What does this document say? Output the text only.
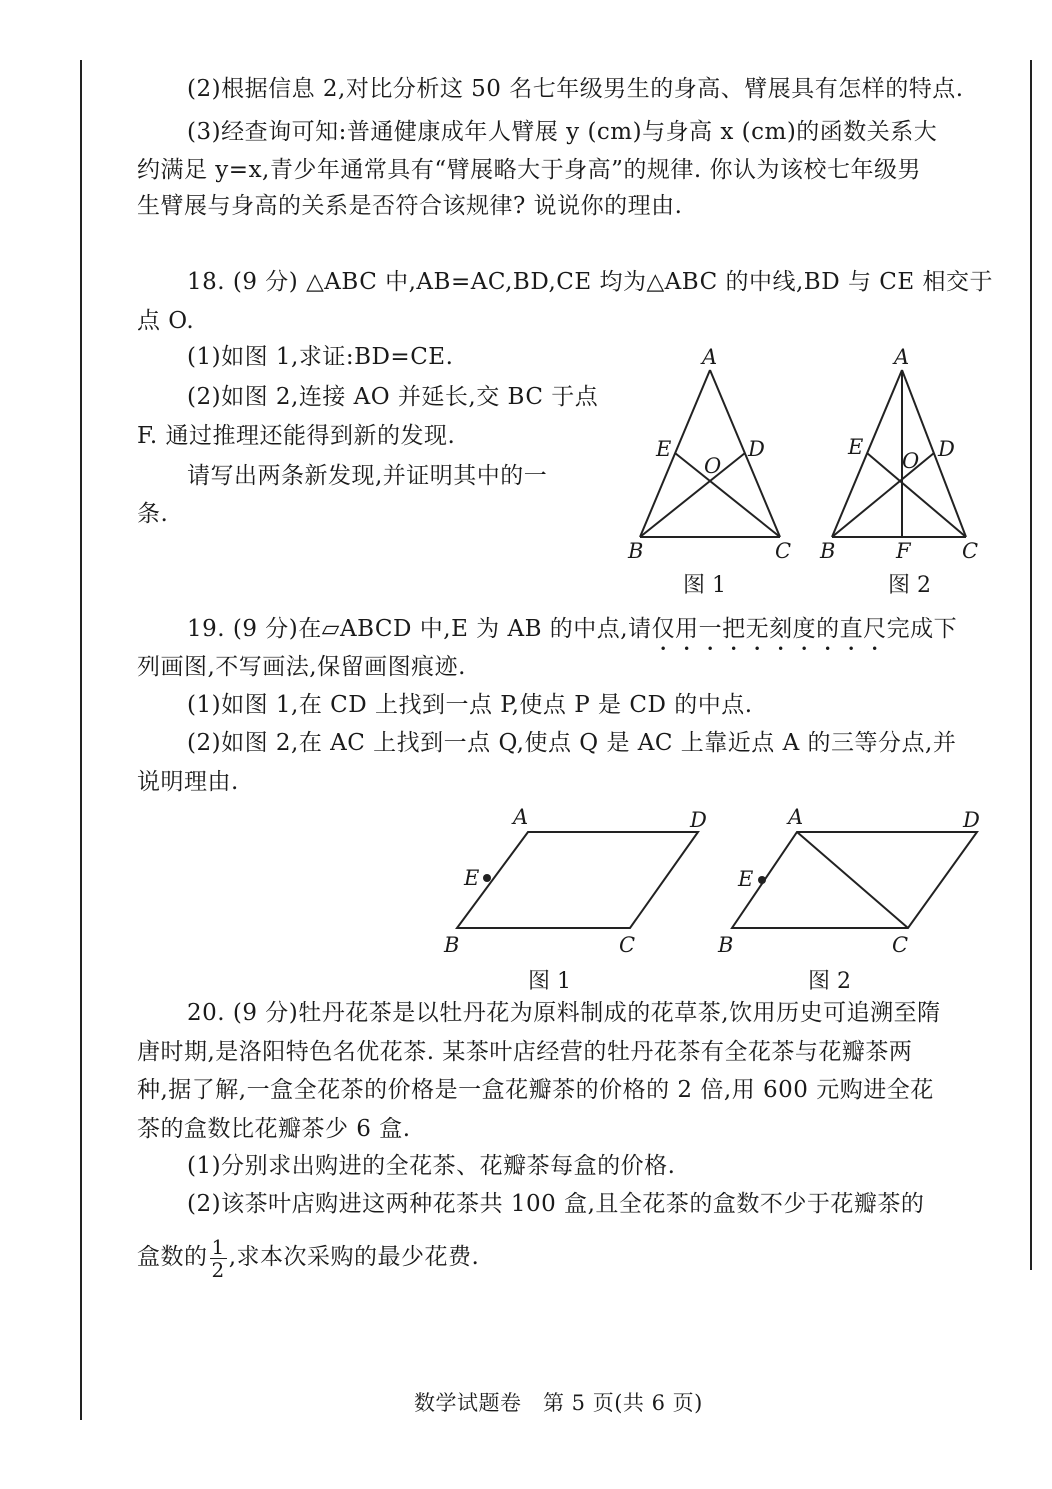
(2)根据信息 2,对比分析这 50 名七年级男生的身高、臂展具有怎样的特点.
(3)经查询可知:普通健康成年人臂展 y (cm)与身高 x (cm)的函数关系大
约满足 y=x,青少年通常具有“臂展略大于身高”的规律. 你认为该校七年级男
生臂展与身高的关系是否符合该规律? 说说你的理由.
18. (9 分) △ABC 中,AB=AC,BD,CE 均为△ABC 的中线,BD 与 CE 相交于
点 O.
(1)如图 1,求证:BD=CE.
(2)如图 2,连接 AO 并延长,交 BC 于点
F. 通过推理还能得到新的发现.
请写出两条新发现,并证明其中的一
条.
A
B	C
D
E
O
图 1
A
B	C
D
E
O
F
图 2
19. (9 分)在▱ABCD 中,E 为 AB 的中点,请仅用一把无刻度的直尺完成下
列画图,不写画法,保留画图痕迹.
(1)如图 1,在 CD 上找到一点 P,使点 P 是 CD 的中点.
(2)如图 2,在 AC 上找到一点 Q,使点 Q 是 AC 上靠近点 A 的三等分点,并
说明理由.
A	D
E
B	C
图 1
A	D
E
B	C
图 2
20. (9 分)牡丹花茶是以牡丹花为原料制成的花草茶,饮用历史可追溯至隋
唐时期,是洛阳特色名优花茶. 某茶叶店经营的牡丹花茶有全花茶与花瓣茶两
种,据了解,一盒全花茶的价格是一盒花瓣茶的价格的 2 倍,用 600 元购进全花
茶的盒数比花瓣茶少 6 盒.
(1)分别求出购进的全花茶、花瓣茶每盒的价格.
(2)该茶叶店购进这两种花茶共 100 盒,且全花茶的盒数不少于花瓣茶的
盒数的 $\frac{1}{2}$ ,求本次采购的最少花费.
数学试题卷　第 5 页(共 6 页)
